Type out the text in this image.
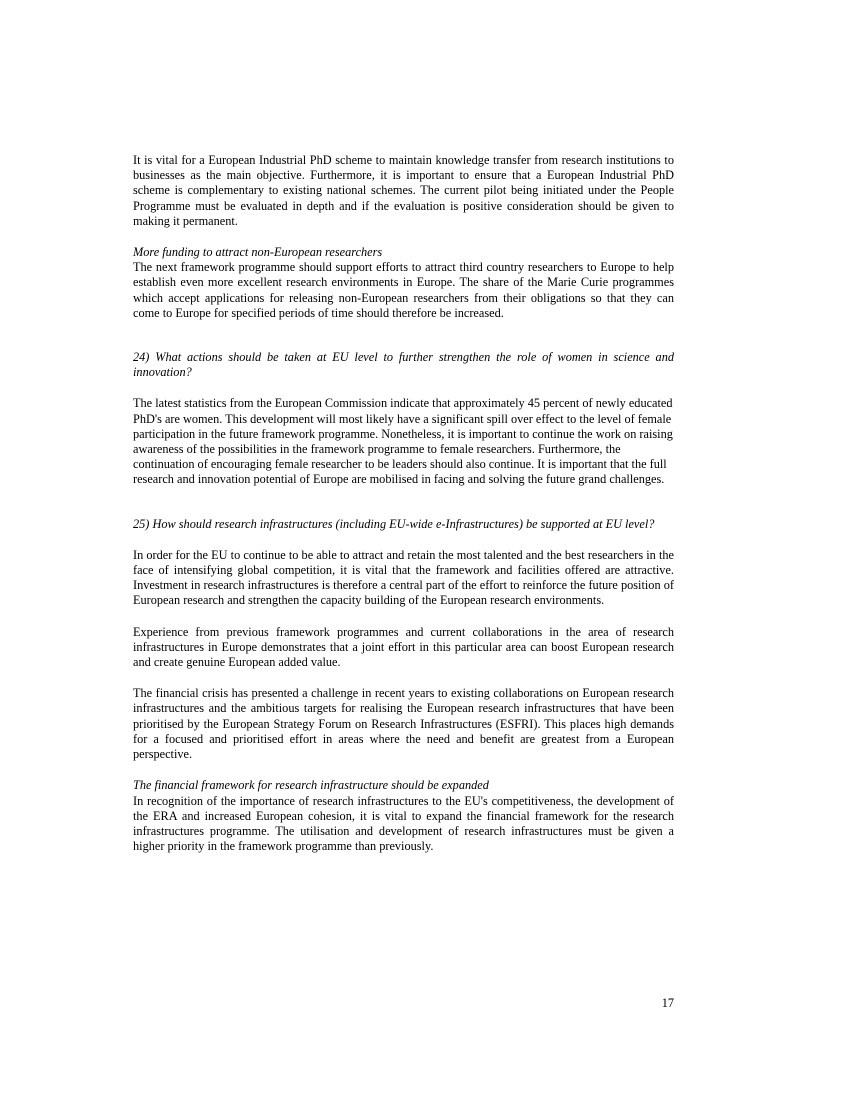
It is vital for a European Industrial PhD scheme to maintain knowledge transfer from research institutions to businesses as the main objective. Furthermore, it is important to ensure that a European Industrial PhD scheme is complementary to existing national schemes. The current pilot being initiated under the People Programme must be evaluated in depth and if the evaluation is positive consideration should be given to making it permanent.

More funding to attract non-European researchers

The next framework programme should support efforts to attract third country researchers to Europe to help establish even more excellent research environments in Europe. The share of the Marie Curie programmes which accept applications for releasing non-European researchers from their obligations so that they can come to Europe for specified periods of time should therefore be increased.

24) What actions should be taken at EU level to further strengthen the role of women in science and innovation?

The latest statistics from the European Commission indicate that approximately 45 percent of newly educated PhD's are women. This development will most likely have a significant spill over effect to the level of female participation in the future framework programme. Nonetheless, it is important to continue the work on raising awareness of the possibilities in the framework programme to female researchers. Furthermore, the continuation of encouraging female researcher to be leaders should also continue. It is important that the full research and innovation potential of Europe are mobilised in facing and solving the future grand challenges.

25) How should research infrastructures (including EU-wide e-Infrastructures) be supported at EU level?

In order for the EU to continue to be able to attract and retain the most talented and the best researchers in the face of intensifying global competition, it is vital that the framework and facilities offered are attractive. Investment in research infrastructures is therefore a central part of the effort to reinforce the future position of European research and strengthen the capacity building of the European research environments.

Experience from previous framework programmes and current collaborations in the area of research infrastructures in Europe demonstrates that a joint effort in this particular area can boost European research and create genuine European added value.

The financial crisis has presented a challenge in recent years to existing collaborations on European research infrastructures and the ambitious targets for realising the European research infrastructures that have been prioritised by the European Strategy Forum on Research Infrastructures (ESFRI). This places high demands for a focused and prioritised effort in areas where the need and benefit are greatest from a European perspective.

The financial framework for research infrastructure should be expanded

In recognition of the importance of research infrastructures to the EU's competitiveness, the development of the ERA and increased European cohesion, it is vital to expand the financial framework for the research infrastructures programme. The utilisation and development of research infrastructures must be given a higher priority in the framework programme than previously.

17
